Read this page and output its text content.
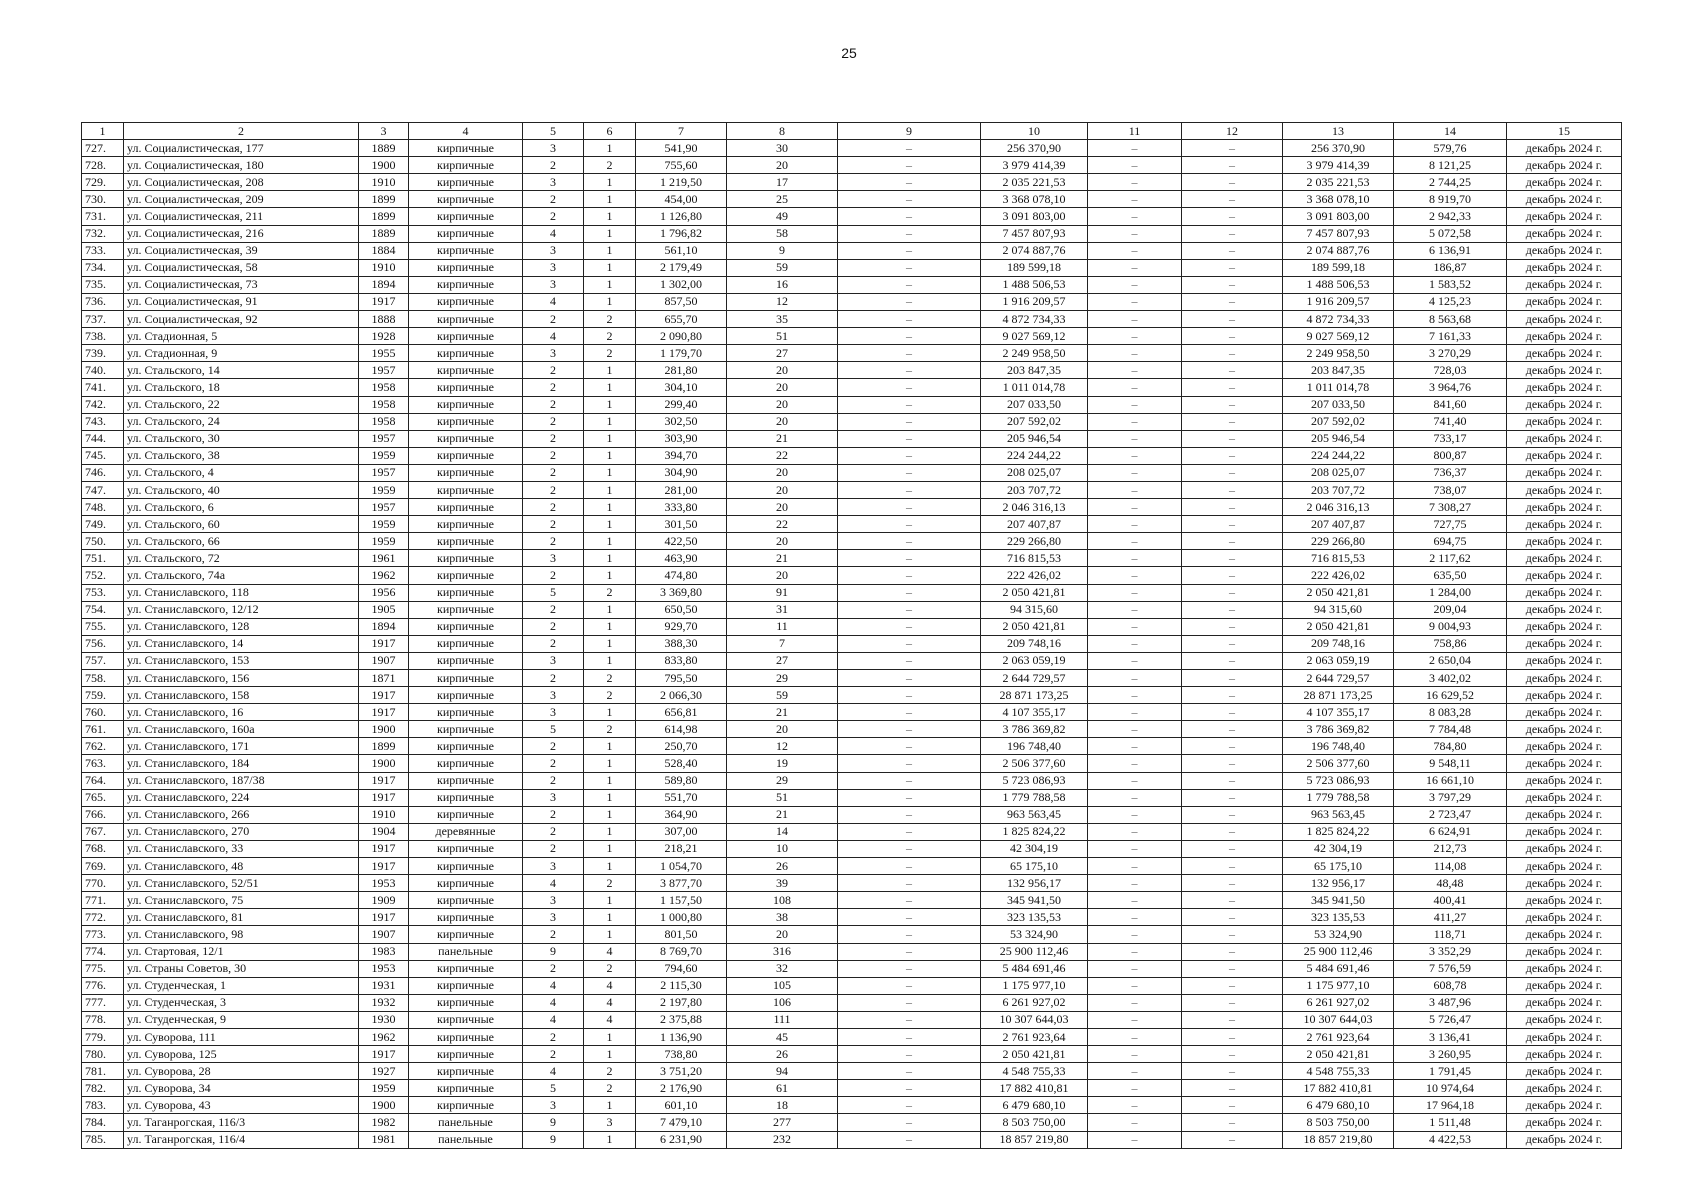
25
1	2	3	4	5	6	7	8	9	10	11	12	13	14	15
727.	ул. Социалистическая, 177	1889	кирпичные	3	1	541,90	30	–	256 370,90	–	–	256 370,90	579,76	декабрь 2024 г.
728.	ул. Социалистическая, 180	1900	кирпичные	2	2	755,60	20	–	3 979 414,39	–	–	3 979 414,39	8 121,25	декабрь 2024 г.
729.	ул. Социалистическая, 208	1910	кирпичные	3	1	1 219,50	17	–	2 035 221,53	–	–	2 035 221,53	2 744,25	декабрь 2024 г.
730.	ул. Социалистическая, 209	1899	кирпичные	2	1	454,00	25	–	3 368 078,10	–	–	3 368 078,10	8 919,70	декабрь 2024 г.
731.	ул. Социалистическая, 211	1899	кирпичные	2	1	1 126,80	49	–	3 091 803,00	–	–	3 091 803,00	2 942,33	декабрь 2024 г.
732.	ул. Социалистическая, 216	1889	кирпичные	4	1	1 796,82	58	–	7 457 807,93	–	–	7 457 807,93	5 072,58	декабрь 2024 г.
733.	ул. Социалистическая, 39	1884	кирпичные	3	1	561,10	9	–	2 074 887,76	–	–	2 074 887,76	6 136,91	декабрь 2024 г.
734.	ул. Социалистическая, 58	1910	кирпичные	3	1	2 179,49	59	–	189 599,18	–	–	189 599,18	186,87	декабрь 2024 г.
735.	ул. Социалистическая, 73	1894	кирпичные	3	1	1 302,00	16	–	1 488 506,53	–	–	1 488 506,53	1 583,52	декабрь 2024 г.
736.	ул. Социалистическая, 91	1917	кирпичные	4	1	857,50	12	–	1 916 209,57	–	–	1 916 209,57	4 125,23	декабрь 2024 г.
737.	ул. Социалистическая, 92	1888	кирпичные	2	2	655,70	35	–	4 872 734,33	–	–	4 872 734,33	8 563,68	декабрь 2024 г.
738.	ул. Стадионная, 5	1928	кирпичные	4	2	2 090,80	51	–	9 027 569,12	–	–	9 027 569,12	7 161,33	декабрь 2024 г.
739.	ул. Стадионная, 9	1955	кирпичные	3	2	1 179,70	27	–	2 249 958,50	–	–	2 249 958,50	3 270,29	декабрь 2024 г.
740.	ул. Стальского, 14	1957	кирпичные	2	1	281,80	20	–	203 847,35	–	–	203 847,35	728,03	декабрь 2024 г.
741.	ул. Стальского, 18	1958	кирпичные	2	1	304,10	20	–	1 011 014,78	–	–	1 011 014,78	3 964,76	декабрь 2024 г.
742.	ул. Стальского, 22	1958	кирпичные	2	1	299,40	20	–	207 033,50	–	–	207 033,50	841,60	декабрь 2024 г.
743.	ул. Стальского, 24	1958	кирпичные	2	1	302,50	20	–	207 592,02	–	–	207 592,02	741,40	декабрь 2024 г.
744.	ул. Стальского, 30	1957	кирпичные	2	1	303,90	21	–	205 946,54	–	–	205 946,54	733,17	декабрь 2024 г.
745.	ул. Стальского, 38	1959	кирпичные	2	1	394,70	22	–	224 244,22	–	–	224 244,22	800,87	декабрь 2024 г.
746.	ул. Стальского, 4	1957	кирпичные	2	1	304,90	20	–	208 025,07	–	–	208 025,07	736,37	декабрь 2024 г.
747.	ул. Стальского, 40	1959	кирпичные	2	1	281,00	20	–	203 707,72	–	–	203 707,72	738,07	декабрь 2024 г.
748.	ул. Стальского, 6	1957	кирпичные	2	1	333,80	20	–	2 046 316,13	–	–	2 046 316,13	7 308,27	декабрь 2024 г.
749.	ул. Стальского, 60	1959	кирпичные	2	1	301,50	22	–	207 407,87	–	–	207 407,87	727,75	декабрь 2024 г.
750.	ул. Стальского, 66	1959	кирпичные	2	1	422,50	20	–	229 266,80	–	–	229 266,80	694,75	декабрь 2024 г.
751.	ул. Стальского, 72	1961	кирпичные	3	1	463,90	21	–	716 815,53	–	–	716 815,53	2 117,62	декабрь 2024 г.
752.	ул. Стальского, 74а	1962	кирпичные	2	1	474,80	20	–	222 426,02	–	–	222 426,02	635,50	декабрь 2024 г.
753.	ул. Станиславского, 118	1956	кирпичные	5	2	3 369,80	91	–	2 050 421,81	–	–	2 050 421,81	1 284,00	декабрь 2024 г.
754.	ул. Станиславского, 12/12	1905	кирпичные	2	1	650,50	31	–	94 315,60	–	–	94 315,60	209,04	декабрь 2024 г.
755.	ул. Станиславского, 128	1894	кирпичные	2	1	929,70	11	–	2 050 421,81	–	–	2 050 421,81	9 004,93	декабрь 2024 г.
756.	ул. Станиславского, 14	1917	кирпичные	2	1	388,30	7	–	209 748,16	–	–	209 748,16	758,86	декабрь 2024 г.
757.	ул. Станиславского, 153	1907	кирпичные	3	1	833,80	27	–	2 063 059,19	–	–	2 063 059,19	2 650,04	декабрь 2024 г.
758.	ул. Станиславского, 156	1871	кирпичные	2	2	795,50	29	–	2 644 729,57	–	–	2 644 729,57	3 402,02	декабрь 2024 г.
759.	ул. Станиславского, 158	1917	кирпичные	3	2	2 066,30	59	–	28 871 173,25	–	–	28 871 173,25	16 629,52	декабрь 2024 г.
760.	ул. Станиславского, 16	1917	кирпичные	3	1	656,81	21	–	4 107 355,17	–	–	4 107 355,17	8 083,28	декабрь 2024 г.
761.	ул. Станиславского, 160а	1900	кирпичные	5	2	614,98	20	–	3 786 369,82	–	–	3 786 369,82	7 784,48	декабрь 2024 г.
762.	ул. Станиславского, 171	1899	кирпичные	2	1	250,70	12	–	196 748,40	–	–	196 748,40	784,80	декабрь 2024 г.
763.	ул. Станиславского, 184	1900	кирпичные	2	1	528,40	19	–	2 506 377,60	–	–	2 506 377,60	9 548,11	декабрь 2024 г.
764.	ул. Станиславского, 187/38	1917	кирпичные	2	1	589,80	29	–	5 723 086,93	–	–	5 723 086,93	16 661,10	декабрь 2024 г.
765.	ул. Станиславского, 224	1917	кирпичные	3	1	551,70	51	–	1 779 788,58	–	–	1 779 788,58	3 797,29	декабрь 2024 г.
766.	ул. Станиславского, 266	1910	кирпичные	2	1	364,90	21	–	963 563,45	–	–	963 563,45	2 723,47	декабрь 2024 г.
767.	ул. Станиславского, 270	1904	деревянные	2	1	307,00	14	–	1 825 824,22	–	–	1 825 824,22	6 624,91	декабрь 2024 г.
768.	ул. Станиславского, 33	1917	кирпичные	2	1	218,21	10	–	42 304,19	–	–	42 304,19	212,73	декабрь 2024 г.
769.	ул. Станиславского, 48	1917	кирпичные	3	1	1 054,70	26	–	65 175,10	–	–	65 175,10	114,08	декабрь 2024 г.
770.	ул. Станиславского, 52/51	1953	кирпичные	4	2	3 877,70	39	–	132 956,17	–	–	132 956,17	48,48	декабрь 2024 г.
771.	ул. Станиславского, 75	1909	кирпичные	3	1	1 157,50	108	–	345 941,50	–	–	345 941,50	400,41	декабрь 2024 г.
772.	ул. Станиславского, 81	1917	кирпичные	3	1	1 000,80	38	–	323 135,53	–	–	323 135,53	411,27	декабрь 2024 г.
773.	ул. Станиславского, 98	1907	кирпичные	2	1	801,50	20	–	53 324,90	–	–	53 324,90	118,71	декабрь 2024 г.
774.	ул. Стартовая, 12/1	1983	панельные	9	4	8 769,70	316	–	25 900 112,46	–	–	25 900 112,46	3 352,29	декабрь 2024 г.
775.	ул. Страны Советов, 30	1953	кирпичные	2	2	794,60	32	–	5 484 691,46	–	–	5 484 691,46	7 576,59	декабрь 2024 г.
776.	ул. Студенческая, 1	1931	кирпичные	4	4	2 115,30	105	–	1 175 977,10	–	–	1 175 977,10	608,78	декабрь 2024 г.
777.	ул. Студенческая, 3	1932	кирпичные	4	4	2 197,80	106	–	6 261 927,02	–	–	6 261 927,02	3 487,96	декабрь 2024 г.
778.	ул. Студенческая, 9	1930	кирпичные	4	4	2 375,88	111	–	10 307 644,03	–	–	10 307 644,03	5 726,47	декабрь 2024 г.
779.	ул. Суворова, 111	1962	кирпичные	2	1	1 136,90	45	–	2 761 923,64	–	–	2 761 923,64	3 136,41	декабрь 2024 г.
780.	ул. Суворова, 125	1917	кирпичные	2	1	738,80	26	–	2 050 421,81	–	–	2 050 421,81	3 260,95	декабрь 2024 г.
781.	ул. Суворова, 28	1927	кирпичные	4	2	3 751,20	94	–	4 548 755,33	–	–	4 548 755,33	1 791,45	декабрь 2024 г.
782.	ул. Суворова, 34	1959	кирпичные	5	2	2 176,90	61	–	17 882 410,81	–	–	17 882 410,81	10 974,64	декабрь 2024 г.
783.	ул. Суворова, 43	1900	кирпичные	3	1	601,10	18	–	6 479 680,10	–	–	6 479 680,10	17 964,18	декабрь 2024 г.
784.	ул. Таганрогская, 116/3	1982	панельные	9	3	7 479,10	277	–	8 503 750,00	–	–	8 503 750,00	1 511,48	декабрь 2024 г.
785.	ул. Таганрогская, 116/4	1981	панельные	9	1	6 231,90	232	–	18 857 219,80	–	–	18 857 219,80	4 422,53	декабрь 2024 г.
